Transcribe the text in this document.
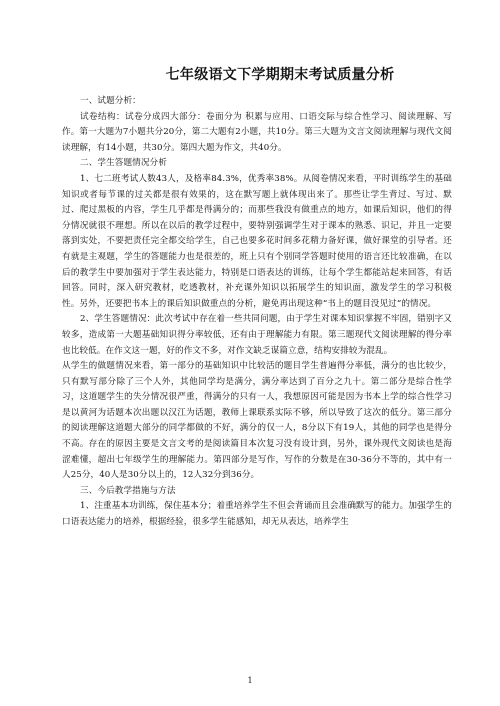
七年级语文下学期期末考试质量分析

一、试题分析：

试卷结构：试卷分成四大部分：卷面分为 积累与应用、口语交际与综合性学习、阅读理解、写作。第一大题为7小题共分20分，第二大题有2小题，共10分。第三大题为文言文阅读理解与现代文阅读理解，有14小题，共30分。第四大题为作文，共40分。

二、学生答题情况分析

1、七二班考试人数43人，及格率84.3%，优秀率38%。从阅卷情况来看，平时训练学生的基础知识或者每节课的过关都是很有效果的，这在默写题上就体现出来了。那些让学生背过、写过、默过、爬过黑板的内容，学生几乎都是得满分的；而那些我没有做重点的地方，如课后知识，他们的得分情况就很不理想。所以在以后的教学过程中，要特别强调学生对于课本的熟悉、识记，并且一定要落到实处，不要把责任完全都交给学生，自己也要多花时间多花精力备好课，做好课堂的引导者。还有就是主观题，学生的答题能力也是很差的，班上只有个别同学答题时使用的语言还比较准确，在以后的教学生中要加强对于学生表达能力，特别是口语表达的训练，让每个学生都能站起来回答，有话回答。同时，深入研究教材，吃透教材，补充课外知识以拓展学生的知识面，激发学生的学习积极性。另外，还要把书本上的课后知识做重点的分析，避免再出现这种“书上的题目没见过“的情况。

2、学生答题情况：此次考试中存在着一些共同问题，由于学生对课本知识掌握不牢固，错别字又较多，造成第一大题基础知识得分率较低，还有由于理解能力有限。第三题现代文阅读理解的得分率也比较低。在作文这一题，好的作文不多，对作文缺乏谋篇立意，结构安排较为混乱。

从学生的做题情况来看，第一部分的基础知识中比较活的题目学生普遍得分率低，满分的也比较少，只有默写部分除了三个人外，其他同学均是满分，满分率达到了百分之九十。第二部分是综合性学习，这道题学生的失分情况很严重，得满分的只有一人，我想原因可能是因为书本上学的综合性学习是以黄河为话题本次出题以汉江为话题，教师上课联系实际不够，所以导致了这次的低分。第三部分的阅读理解这道题大部分的同学都做的不好，满分的仅一人，8分以下有19人，其他的同学也是得分不高。存在的原因主要是文言文考的是阅读篇目本次复习没有设计到，另外，课外现代文阅读也是海涩难懂，超出七年级学生的理解能力。第四部分是写作，写作的分数是在30-36分不等的，其中有一人25分，40人是30分以上的，12人32分到36分。

三、今后教学措施与方法

1、注重基本功训练，保住基本分；着重培养学生不但会背诵而且会准确默写的能力。加强学生的口语表达能力的培养，根据经验，很多学生能感知，却无从表达，培养学生

1
